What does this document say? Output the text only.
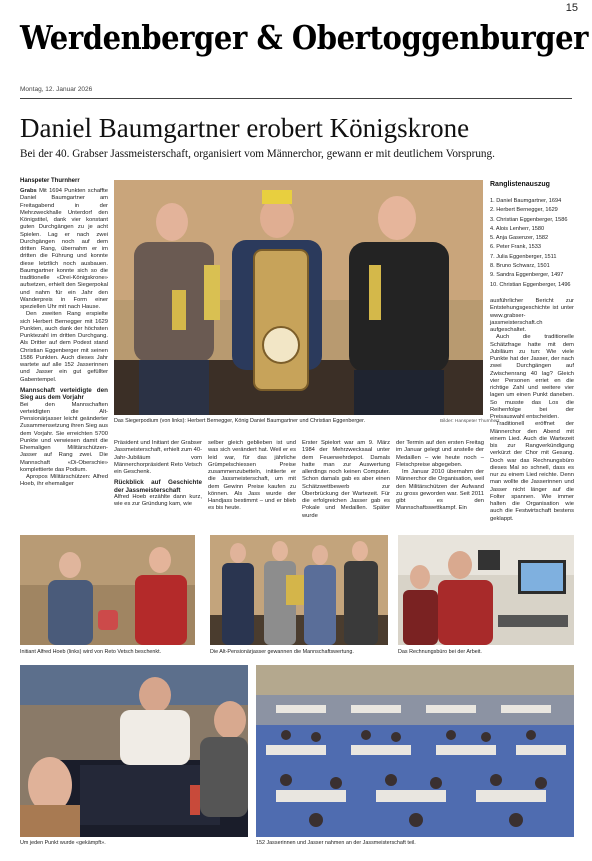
15
Werdenberger & Obertoggenburger
Montag, 12. Januar 2026
Daniel Baumgartner erobert Königskrone
Bei der 40. Grabser Jassmeisterschaft, organisiert vom Männerchor, gewann er mit deutlichem Vorsprung.
Hanspeter Thurnherr

Grabs Mit 1694 Punkten schaffte Daniel Baumgartner am Freitagabend in der Mehrzweckhalle Unterdorf den Königstitel, dank vier konstant guten Durchgängen zu je acht Spielen. Lag er nach zwei Durchgängen noch auf dem dritten Rang, übernahm er im dritten die Führung und konnte diese letztlich noch ausbauen. Baumgartner konnte sich so die traditionelle «Drei-Königskrone» aufsetzen, erhielt den Siegerpokal und nahm für ein Jahr den Wanderpreis in Form einer speziellen Uhr mit nach Hause.

Den zweiten Rang erspielte sich Herbert Bernegger mit 1629 Punkten, auch dank der höchsten Punktezahl im dritten Durchgang. Als Dritter auf dem Podest stand Christian Eggenberger mit seinen 1586 Punkten. Auch dieses Jahr wartete auf alle 152 Jasserinnen und Jasser ein gut gefüllter Gabentempel.

Mannschaft verteidigte den Sieg aus dem Vorjahr

Bei den Mannschaften verteidigten die Alt-Pensionärjasser leicht geänderter Zusammensetzung ihren Sieg aus dem Vorjahr. Sie erreichten 5700 Punkte und verwiesen damit die Ehemaligen Militärschützen-Jasser auf Rang zwei. Die Mannschaft «Di-Oberschie» komplettierte das Podium.

Apropos Militärschützen: Alfred Hoeb, ihr ehemaliger

Das Siegerpodium (von links): Herbert Bernegger, König Daniel Baumgartner und Christian Eggenberger.	Bilder: Hanspeter Thurnherr
Ranglistenauszug
1. Daniel Baumgartner, 1694
2. Herbert Bernegger, 1629
3. Christian Eggenberger, 1586
4. Alois Lenherr, 1580
5. Anja Gasenzer, 1582
6. Peter Frank, 1533
7. Julia Eggenberger, 1511
8. Bruno Schwarz, 1501
9. Sandra Eggenberger, 1497
10. Christian Eggenberger, 1496

ausführlicher Bericht zur Entstehungsgeschichte ist unter www.grabser-jassmeisterschaft.ch aufgeschaltet.

Auch die traditionelle Schätzfrage hatte mit dem Jubiläum zu tun: Wie viele Punkte hat der Jasser, der nach zwei Durchgängen auf Zwischenrang 40 lag? Gleich vier Personen erriet en die richtige Zahl und weitere vier lagen um einen Punkt daneben. So musste das Los die Reihenfolge bei der Preisauswahl entscheiden.

Traditionell eröffnet der Männerchor den Abend mit einem Lied. Auch die Wartezeit bis zur Rangverkündigung verkürzt der Chor mit Gesang. Doch war das Rechnungsbüro dieses Mal so schnell, dass es nur zu einem Lied reichte. Denn man wollte die Jasserinnen und Jasser nicht länger auf die Folter spannen. Wie immer halten die Organisation wie auch die Festwirtschaft bestens geklappt.

Präsident und Initiant der Grabser Jassmeisterschaft, erhielt zum 40-Jahr-Jubiläum vom Männerchorpräsident Reto Vetsch ein Geschenk.

Rückblick auf Geschichte der Jassmeisterschaft

Alfred Hoeb erzählte dann kurz, wie es zur Gründung kam, wie

selber gleich geblieben ist und was sich verändert hat. Weil er es leid war, für das jährliche Grümpelschiessen Preise zusammenzubetteln, initiierte er die Jassmeisterschaft, um mit dem Gewinn Preise kaufen zu können. Als Jass wurde der Handjass bestimmt – und er blieb es bis heute.

Erster Spielort war am 9. März 1984 der Mehrzwecksaal unter dem Feuerwehrdepot. Damals hatte man zur Auswertung allerdings noch keinen Computer. Schon damals gab es aber einen Schätzwettbewerb zur Überbrückung der Wartezeit. Für die erfolgreichen Jasser gab es Pokale und Medaillen. Später wurde

der Termin auf den ersten Freitag im Januar gelegt und anstelle der Medaillen – wie heute noch – Fleischpreise abgegeben.

Im Januar 2010 übernahm der Männerchor die Organisation, weil den Militärschützen der Aufwand zu gross geworden war. Seit 2011 gibt es den Mannschaftswettkampf. Ein

Initiant Alfred Hoeb (links) wird von Reto Vetsch beschenkt.	Die Alt-Pensionärjasser gewannen die Mannschaftswertung.	Das Rechnungsbüro bei der Arbeit.
Um jeden Punkt wurde «gekämpft».	152 Jasserinnen und Jasser nahmen an der Jassmeisterschaft teil.
